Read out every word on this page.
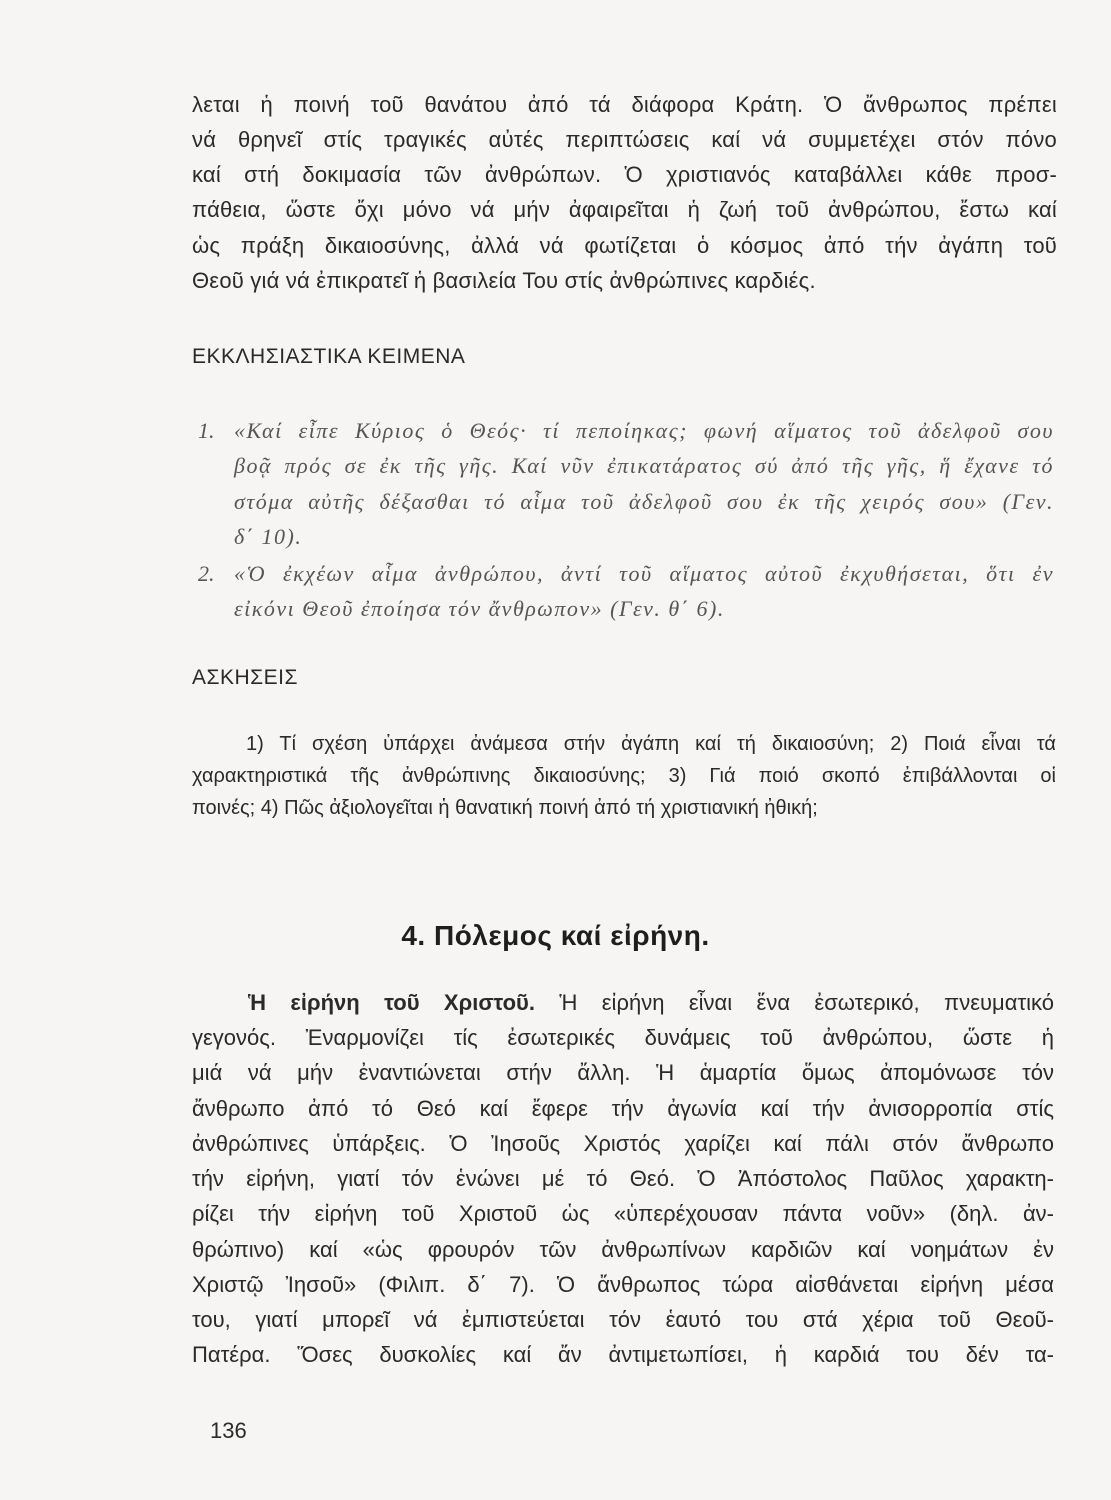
λεται ἡ ποινή τοῦ θανάτου ἀπό τά διάφορα Κράτη. Ὁ ἄνθρωπος πρέπει
νά θρηνεῖ στίς τραγικές αὐτές περιπτώσεις καί νά συμμετέχει στόν πόνο
καί στή δοκιμασία τῶν ἀνθρώπων. Ὁ χριστιανός καταβάλλει κάθε προσ-
πάθεια, ὥστε ὄχι μόνο νά μήν ἀφαιρεῖται ἡ ζωή τοῦ ἀνθρώπου, ἔστω καί
ὡς πράξη δικαιοσύνης, ἀλλά νά φωτίζεται ὁ κόσμος ἀπό τήν ἀγάπη τοῦ
Θεοῦ γιά νά ἐπικρατεῖ ἡ βασιλεία Του στίς ἀνθρώπινες καρδιές.
ΕΚΚΛΗΣΙΑΣΤΙΚΑ ΚΕΙΜΕΝΑ
1. «Καί εἶπε Κύριος ὁ Θεός· τί πεποίηκας; φωνή αἵματος τοῦ ἀδελφοῦ σου
βοᾷ πρός σε ἐκ τῆς γῆς. Καί νῦν ἐπικατάρατος σύ ἀπό τῆς γῆς, ἥ ἔχανε τό
στόμα αὐτῆς δέξασθαι τό αἷμα τοῦ ἀδελφοῦ σου ἐκ τῆς χειρός σου» (Γεν.
δ΄ 10).
2. «Ὁ ἐκχέων αἷμα ἀνθρώπου, ἀντί τοῦ αἵματος αὐτοῦ ἐκχυθήσεται, ὅτι ἐν
εἰκόνι Θεοῦ ἐποίησα τόν ἄνθρωπον» (Γεν. θ΄ 6).
ΑΣΚΗΣΕΙΣ
1) Τί σχέση ὑπάρχει ἀνάμεσα στήν ἀγάπη καί τή δικαιοσύνη; 2) Ποιά εἶναι τά
χαρακτηριστικά τῆς ἀνθρώπινης δικαιοσύνης; 3) Γιά ποιό σκοπό ἐπιβάλλονται οἱ
ποινές; 4) Πῶς ἀξιολογεῖται ἡ θανατική ποινή ἀπό τή χριστιανική ἠθική;
4. Πόλεμος καί εἰρήνη.
Ἡ εἰρήνη τοῦ Χριστοῦ. Ἡ εἰρήνη εἶναι ἕνα ἐσωτερικό, πνευματικό
γεγονός. Ἐναρμονίζει τίς ἐσωτερικές δυνάμεις τοῦ ἀνθρώπου, ὥστε ἡ
μιά νά μήν ἐναντιώνεται στήν ἄλλη. Ἡ ἁμαρτία ὅμως ἀπομόνωσε τόν
ἄνθρωπο ἀπό τό Θεό καί ἔφερε τήν ἀγωνία καί τήν ἀνισορροπία στίς
ἀνθρώπινες ὑπάρξεις. Ὁ Ἰησοῦς Χριστός χαρίζει καί πάλι στόν ἄνθρωπο
τήν εἰρήνη, γιατί τόν ἑνώνει μέ τό Θεό. Ὁ Ἀπόστολος Παῦλος χαρακτη-
ρίζει τήν εἰρήνη τοῦ Χριστοῦ ὡς «ὑπερέχουσαν πάντα νοῦν» (δηλ. ἀν-
θρώπινο) καί «ὡς φρουρόν τῶν ἀνθρωπίνων καρδιῶν καί νοημάτων ἐν
Χριστῷ Ἰησοῦ» (Φιλιπ. δ΄ 7). Ὁ ἄνθρωπος τώρα αἰσθάνεται εἰρήνη μέσα
του, γιατί μπορεῖ νά ἐμπιστεύεται τόν ἑαυτό του στά χέρια τοῦ Θεοῦ-
Πατέρα. Ὅσες δυσκολίες καί ἄν ἀντιμετωπίσει, ἡ καρδιά του δέν τα-
136
